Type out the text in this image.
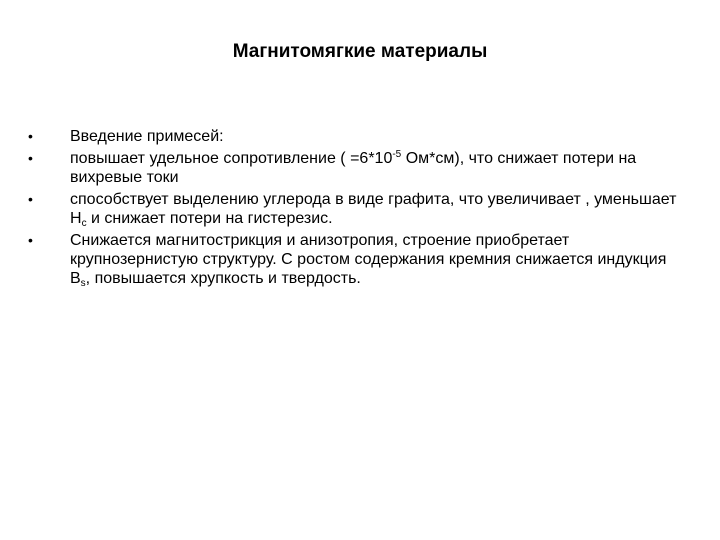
Магнитомягкие материалы
•	Введение примесей:
•	повышает удельное сопротивление ( $=6*10^{-5}$ Ом*см), что снижает потери на вихревые токи
•	способствует выделению углерода в виде графита, что увеличивает , уменьшает $Н_с$ и снижает потери на гистерезис.
•	Снижается магнитострикция и анизотропия, строение приобретает крупнозернистую структуру. С ростом содержания кремния снижается индукция $В_s$, повышается хрупкость и твердость.
